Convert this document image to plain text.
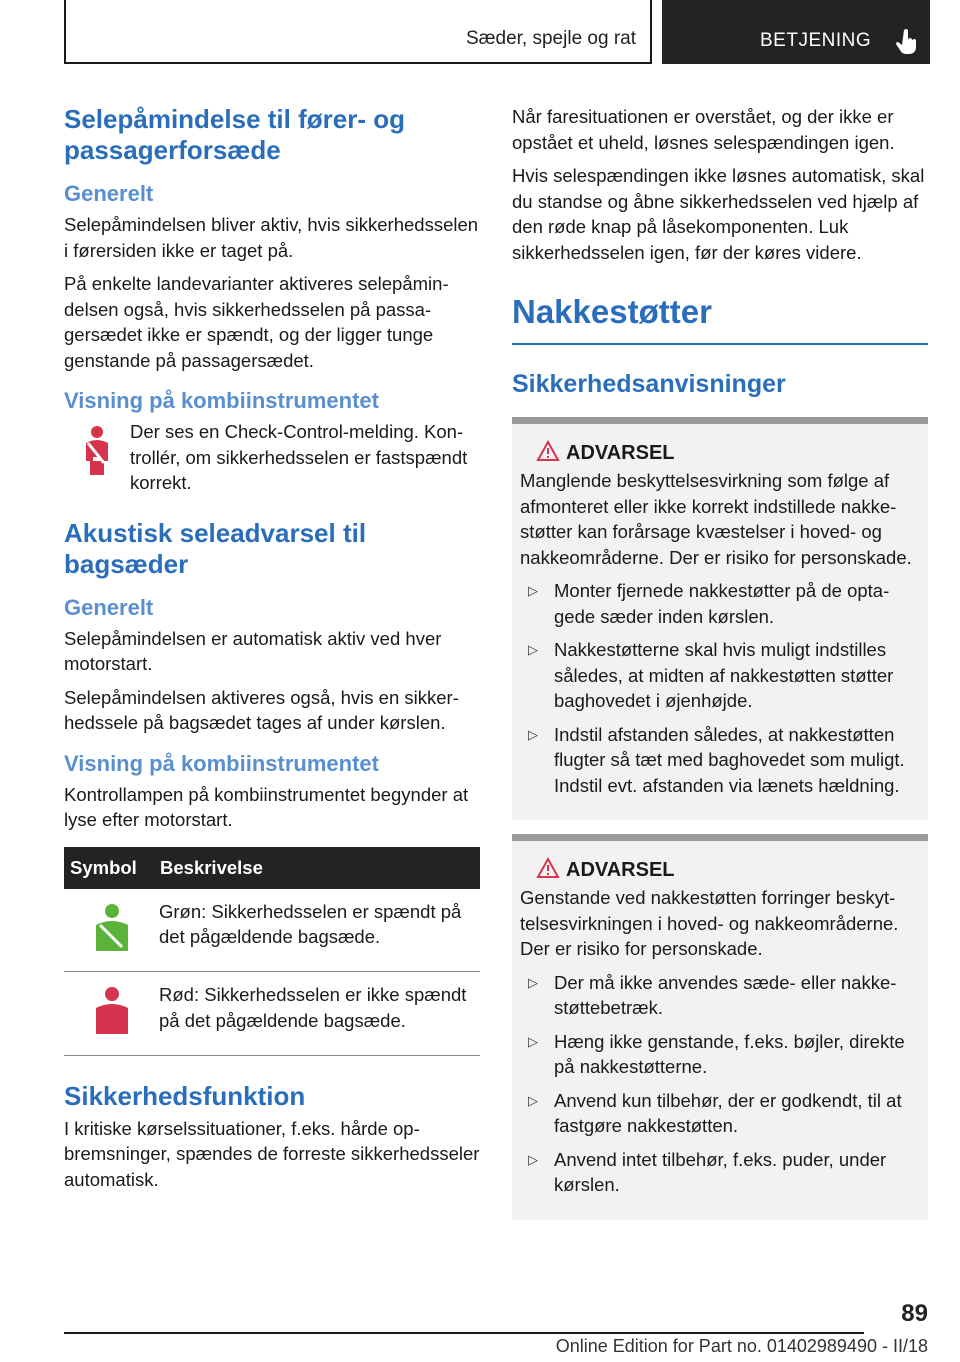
Sæder, spejle og rat	BETJENING
Selepåmindelse til fører- og passagerforsæde
Generelt

Selepåmindelsen bliver aktiv, hvis sikkerhedsselen i førersiden ikke er taget på.

På enkelte landevarianter aktiveres selepåmindelsen også, hvis sikkerhedsselen på passagersædet ikke er spændt, og der ligger tunge genstande på passagersædet.

Visning på kombiinstrumentet

Der ses en Check-Control-melding. Kontrollér, om sikkerhedsselen er fastspændt korrekt.

Akustisk seleadvarsel til bagsæder
Generelt

Selepåmindelsen er automatisk aktiv ved hver motorstart.

Selepåmindelsen aktiveres også, hvis en sikkerhedssele på bagsædet tages af under kørslen.

Visning på kombiinstrumentet

Kontrollampen på kombiinstrumentet begynder at lyse efter motorstart.

Symbol	Beskrivelse
	Grøn: Sikkerhedsselen er spændt på det pågældende bagsæde.
	Rød: Sikkerhedsselen er ikke spændt på det pågældende bagsæde.
Sikkerhedsfunktion

I kritiske kørselssituationer, f.eks. hårde opbremsninger, spændes de forreste sikkerhedsseler automatisk.

Når faresituationen er overstået, og der ikke er opstået et uheld, løsnes selespændingen igen.

Hvis selespændingen ikke løsnes automatisk, skal du standse og åbne sikkerhedsselen ved hjælp af den røde knap på låsekomponenten. Luk sikkerhedsselen igen, før der køres videre.

Nakkestøtter
Sikkerhedsanvisninger
ADVARSEL

Manglende beskyttelsesvirkning som følge af afmonteret eller ikke korrekt indstillede nakkestøtter kan forårsage kvæstelser i hoved- og nakkeområderne. Der er risiko for personskade.

▷ Monter fjernede nakkestøtter på de optagede sæder inden kørslen.
▷ Nakkestøtterne skal hvis muligt indstilles således, at midten af nakkestøtten støtter baghovedet i øjenhøjde.
▷ Indstil afstanden således, at nakkestøtten flugter så tæt med baghovedet som muligt. Indstil evt. afstanden via lænets hældning.
ADVARSEL

Genstande ved nakkestøtten forringer beskyttelsesvirkningen i hoved- og nakkeområderne. Der er risiko for personskade.

▷ Der må ikke anvendes sæde- eller nakkestøttebetræk.
▷ Hæng ikke genstande, f.eks. bøjler, direkte på nakkestøtterne.
▷ Anvend kun tilbehør, der er godkendt, til at fastgøre nakkestøtten.
▷ Anvend intet tilbehør, f.eks. puder, under kørslen.
89
Online Edition for Part no. 01402989490 - II/18
